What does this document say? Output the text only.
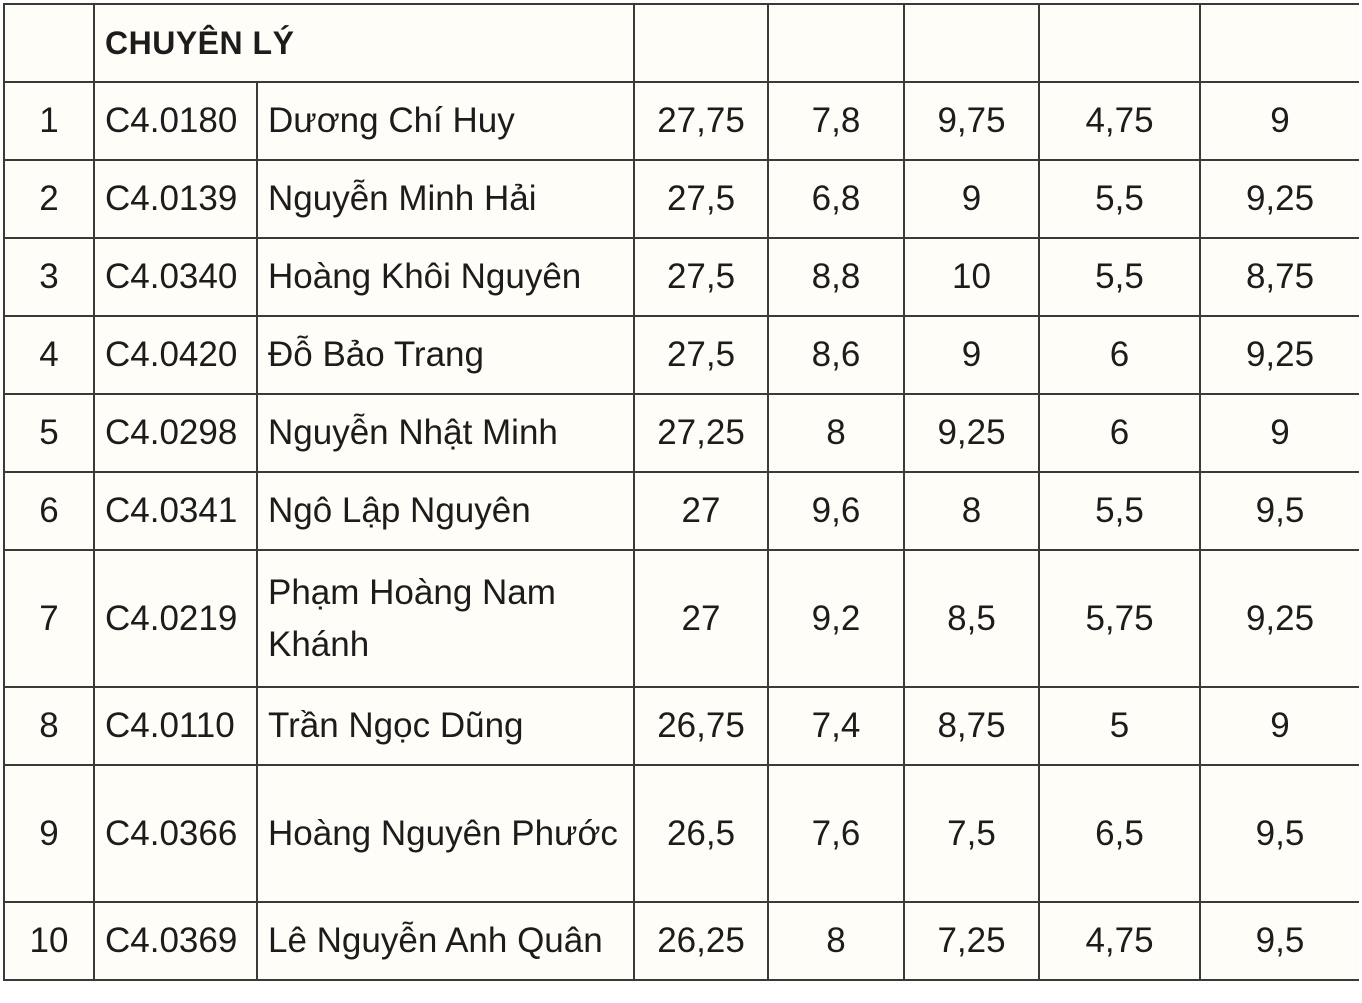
	CHUYÊN LÝ						
1	C4.0180	Dương Chí Huy	27,75	7,8	9,75	4,75	9
2	C4.0139	Nguyễn Minh Hải	27,5	6,8	9	5,5	9,25
3	C4.0340	Hoàng Khôi Nguyên	27,5	8,8	10	5,5	8,75
4	C4.0420	Đỗ Bảo Trang	27,5	8,6	9	6	9,25
5	C4.0298	Nguyễn Nhật Minh	27,25	8	9,25	6	9
6	C4.0341	Ngô Lập Nguyên	27	9,6	8	5,5	9,5
7	C4.0219	Phạm Hoàng Nam Khánh	27	9,2	8,5	5,75	9,25
8	C4.0110	Trần Ngọc Dũng	26,75	7,4	8,75	5	9
9	C4.0366	Hoàng Nguyên Phước	26,5	7,6	7,5	6,5	9,5
10	C4.0369	Lê Nguyễn Anh Quân	26,25	8	7,25	4,75	9,5
